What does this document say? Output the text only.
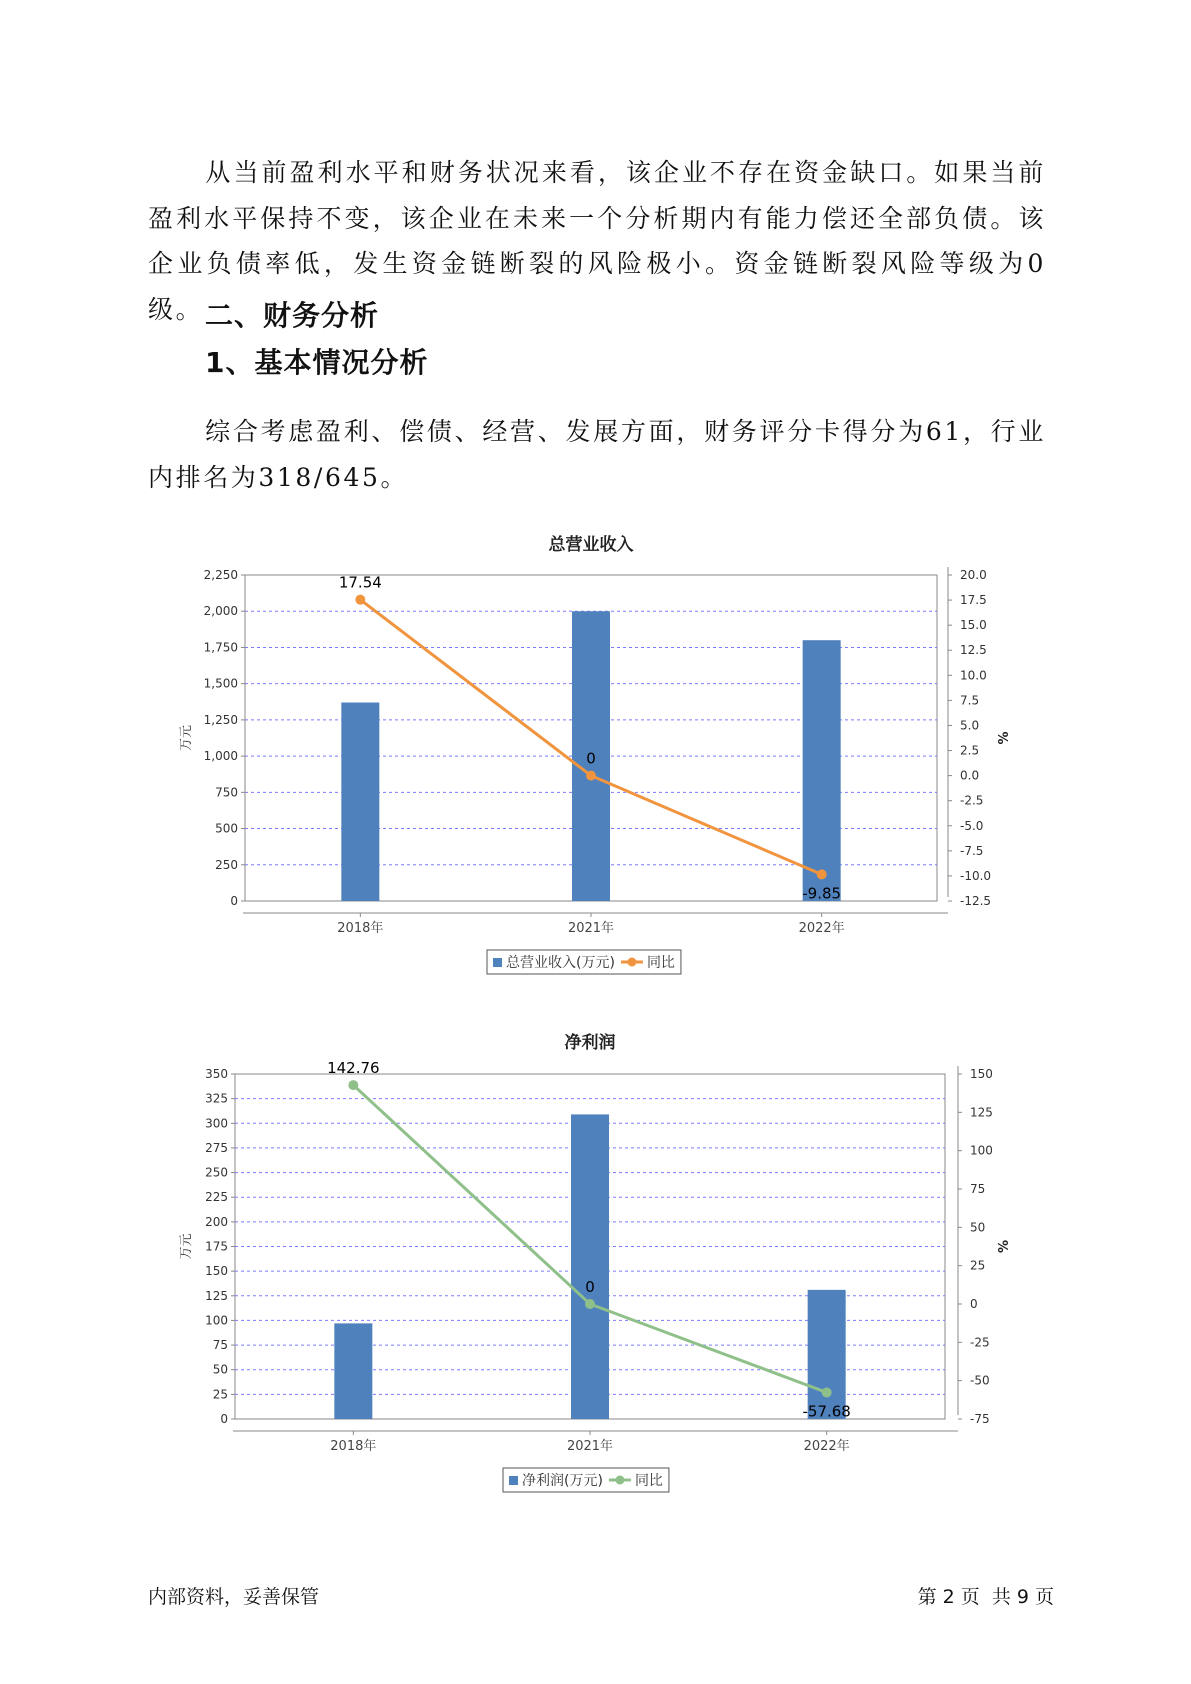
从当前盈利水平和财务状况来看，该企业不存在资金缺口。如果当前盈利水平保持不变，该企业在未来一个分析期内有能力偿还全部负债。该企业负债率低，发生资金链断裂的风险极小。资金链断裂风险等级为0级。 二、财务分析
1、基本情况分析

综合考虑盈利、偿债、经营、发展方面，财务评分卡得分为61，行业内排名为318/645。

总营业收入
0
250
500
750
1,000
1,250
1,500
1,750
2,000
2,250
-12.5
-10.0
-7.5
-5.0
-2.5
0.0
2.5
5.0
7.5
10.0
12.5
15.0
17.5
20.0
万元	%
2018年	2021年	2022年
17.54
0
-9.85
总营业收入(万元) 同比
净利润
0
25
50
75
100
125
150
175
200
225
250
275
300
325
350
-75
-50
-25
0
25
50
75
100
125
150
万元	%
2018年	2021年	2022年
142.76
0
-57.68
净利润(万元) 同比
内部资料，妥善保管	第 2 页  共 9 页
